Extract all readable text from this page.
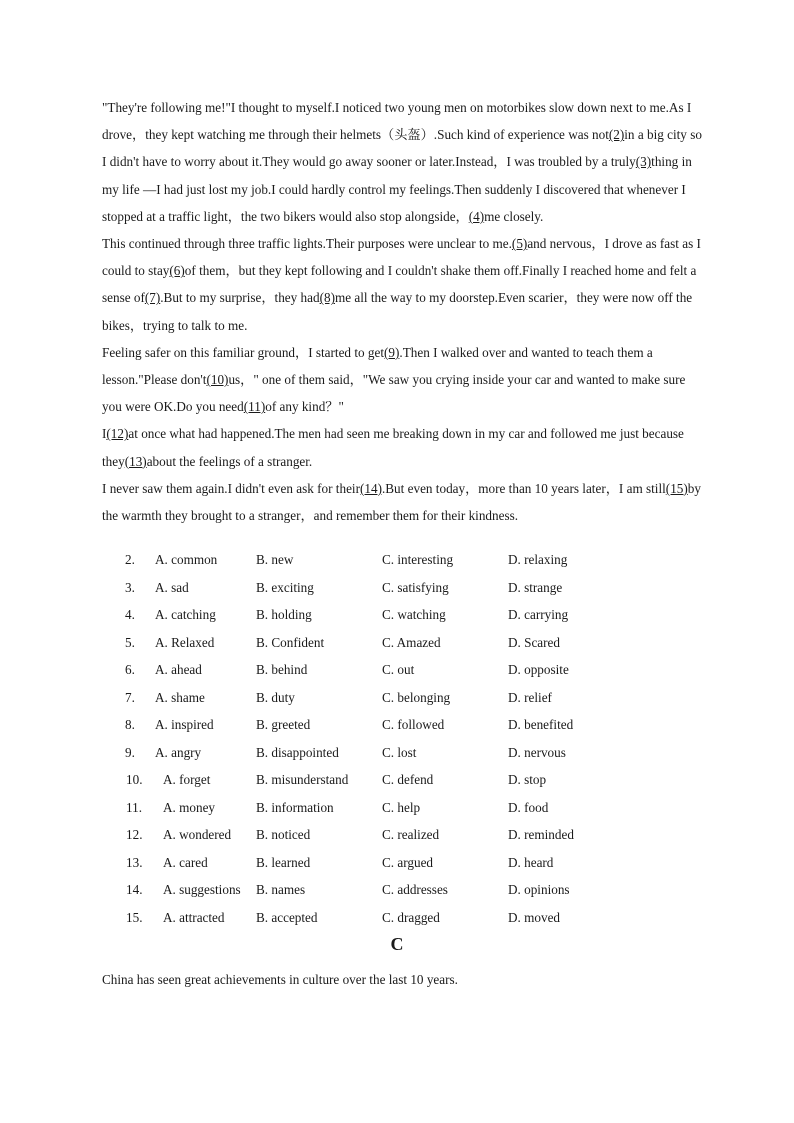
"They're following me!"I thought to myself.I noticed two young men on motorbikes slow down next to me.As I drove，they kept watching me through their helmets（头盔）.Such kind of experience was not(2)in a big city so I didn't have to worry about it.They would go away sooner or later.Instead，I was troubled by a truly(3)thing in my life —I had just lost my job.I could hardly control my feelings.Then suddenly I discovered that whenever I stopped at a traffic light，the two bikers would also stop alongside，(4)me closely.

This continued through three traffic lights.Their purposes were unclear to me.(5)and nervous，I drove as fast as I could to stay(6)of them，but they kept following and I couldn't shake them off.Finally I reached home and felt a sense of(7).But to my surprise，they had(8)me all the way to my doorstep.Even scarier，they were now off the bikes，trying to talk to me.

Feeling safer on this familiar ground，I started to get(9).Then I walked over and wanted to teach them a lesson."Please don't(10)us，" one of them said，"We saw you crying inside your car and wanted to make sure you were OK.Do you need(11)of any kind？"

I(12)at once what had happened.The men had seen me breaking down in my car and followed me just because they(13)about the feelings of a stranger.

I never saw them again.I didn't even ask for their(14).But even today，more than 10 years later，I am still(15)by the warmth they brought to a stranger，and remember them for their kindness.

2.	A. common	B. new	C. interesting	D. relaxing
3.	A. sad	B. exciting	C. satisfying	D. strange
4.	A. catching	B. holding	C. watching	D. carrying
5.	A. Relaxed	B. Confident	C. Amazed	D. Scared
6.	A. ahead	B. behind	C. out	D. opposite
7.	A. shame	B. duty	C. belonging	D. relief
8.	A. inspired	B. greeted	C. followed	D. benefited
9.	A. angry	B. disappointed	C. lost	D. nervous
10. A. forget	B. misunderstand	C. defend	D. stop
11. A. money	B. information	C. help	D. food
12. A. wondered B. noticed	C. realized	D. reminded
13. A. cared	B. learned	C. argued	D. heard
14. A. suggestions B. names	C. addresses	D. opinions
15. A. attracted B. accepted	C. dragged	D. moved
C
China has seen great achievements in culture over the last 10 years.
